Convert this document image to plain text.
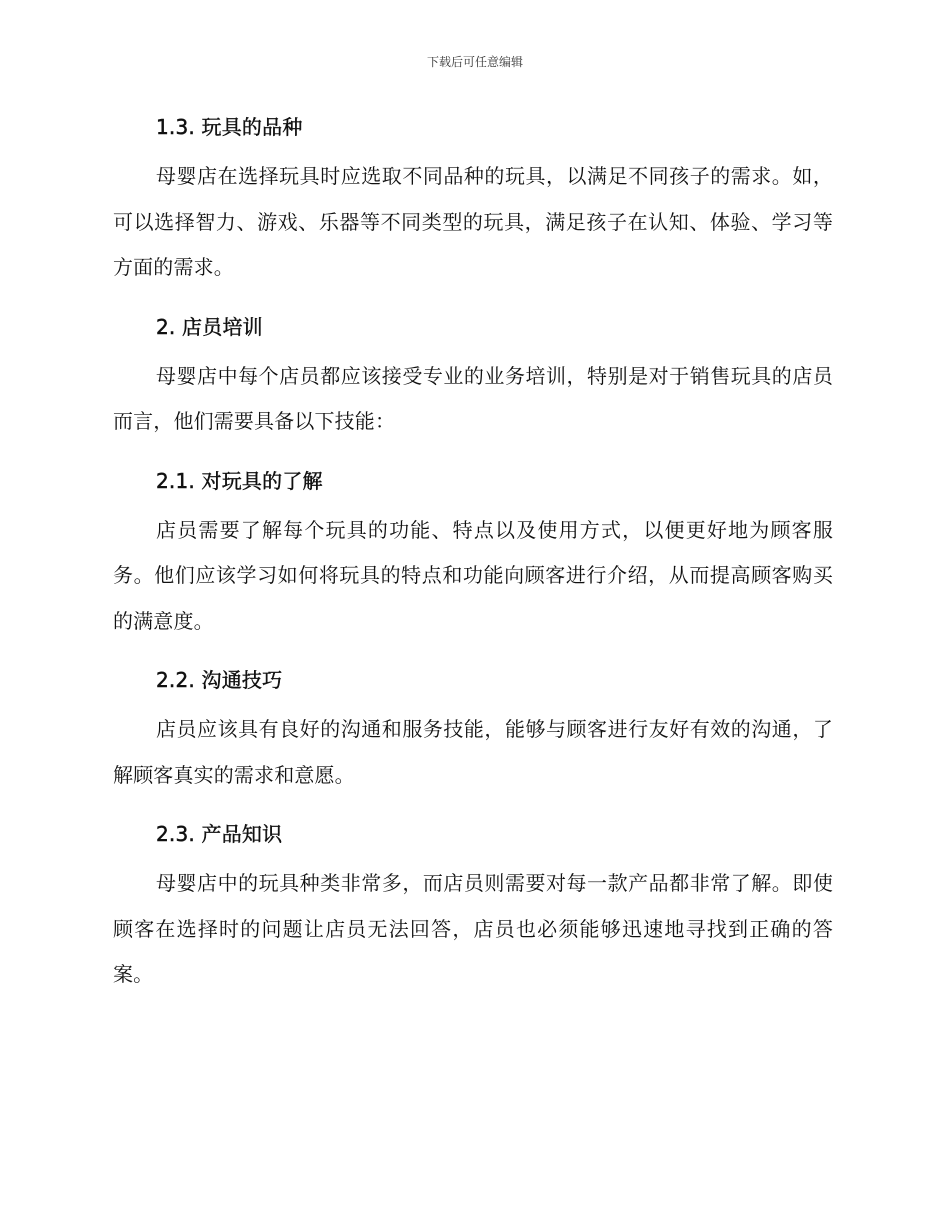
下载后可任意编辑
1.3. 玩具的品种

母婴店在选择玩具时应选取不同品种的玩具，以满足不同孩子的需求。如，可以选择智力、游戏、乐器等不同类型的玩具，满足孩子在认知、体验、学习等方面的需求。

2. 店员培训

母婴店中每个店员都应该接受专业的业务培训，特别是对于销售玩具的店员而言，他们需要具备以下技能：

2.1. 对玩具的了解

店员需要了解每个玩具的功能、特点以及使用方式，以便更好地为顾客服务。他们应该学习如何将玩具的特点和功能向顾客进行介绍，从而提高顾客购买的满意度。

2.2. 沟通技巧

店员应该具有良好的沟通和服务技能，能够与顾客进行友好有效的沟通，了解顾客真实的需求和意愿。

2.3. 产品知识

母婴店中的玩具种类非常多，而店员则需要对每一款产品都非常了解。即使顾客在选择时的问题让店员无法回答，店员也必须能够迅速地寻找到正确的答案。
